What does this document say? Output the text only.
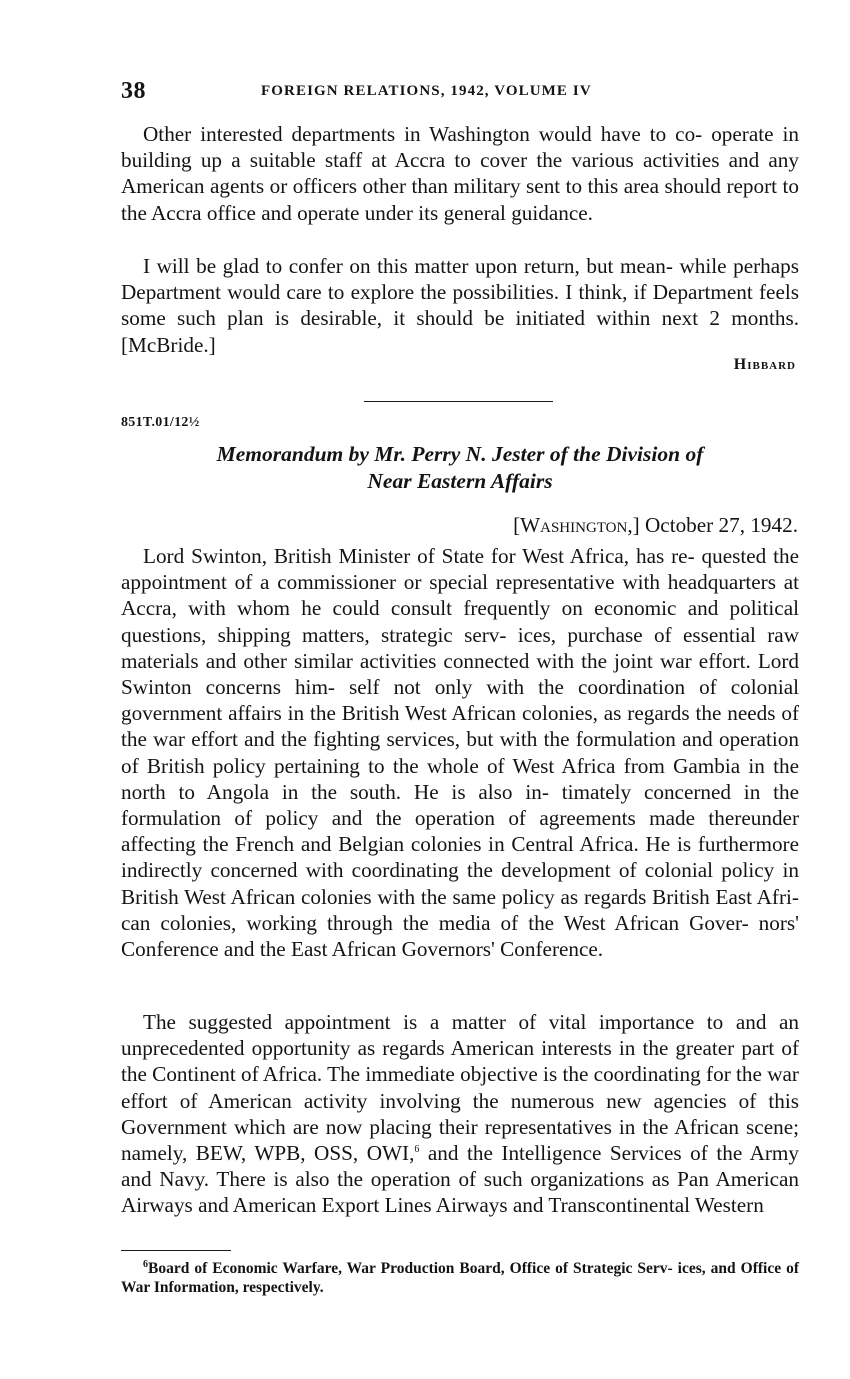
38	FOREIGN RELATIONS, 1942, VOLUME IV

Other interested departments in Washington would have to co- operate in building up a suitable staff at Accra to cover the various activities and any American agents or officers other than military sent to this area should report to the Accra office and operate under its general guidance.

I will be glad to confer on this matter upon return, but mean- while perhaps Department would care to explore the possibilities. I think, if Department feels some such plan is desirable, it should be initiated within next 2 months. [McBride.]

Hibbard
851T.01/12½
Memorandum by Mr. Perry N. Jester of the Division of
Near Eastern Affairs
[Washington,] October 27, 1942.

Lord Swinton, British Minister of State for West Africa, has re- quested the appointment of a commissioner or special representative with headquarters at Accra, with whom he could consult frequently on economic and political questions, shipping matters, strategic serv- ices, purchase of essential raw materials and other similar activities connected with the joint war effort. Lord Swinton concerns him- self not only with the coordination of colonial government affairs in the British West African colonies, as regards the needs of the war effort and the fighting services, but with the formulation and operation of British policy pertaining to the whole of West Africa from Gambia in the north to Angola in the south. He is also in- timately concerned in the formulation of policy and the operation of agreements made thereunder affecting the French and Belgian colonies in Central Africa. He is furthermore indirectly concerned with coordinating the development of colonial policy in British West African colonies with the same policy as regards British East Afri- can colonies, working through the media of the West African Gover- nors' Conference and the East African Governors' Conference.

The suggested appointment is a matter of vital importance to and an unprecedented opportunity as regards American interests in the greater part of the Continent of Africa. The immediate objective is the coordinating for the war effort of American activity involving the numerous new agencies of this Government which are now placing their representatives in the African scene; namely, BEW, WPB, OSS, OWI,$^6$ and the Intelligence Services of the Army and Navy. There is also the operation of such organizations as Pan American Airways and American Export Lines Airways and Transcontinental Western

$^6$Board of Economic Warfare, War Production Board, Office of Strategic Serv- ices, and Office of War Information, respectively.
